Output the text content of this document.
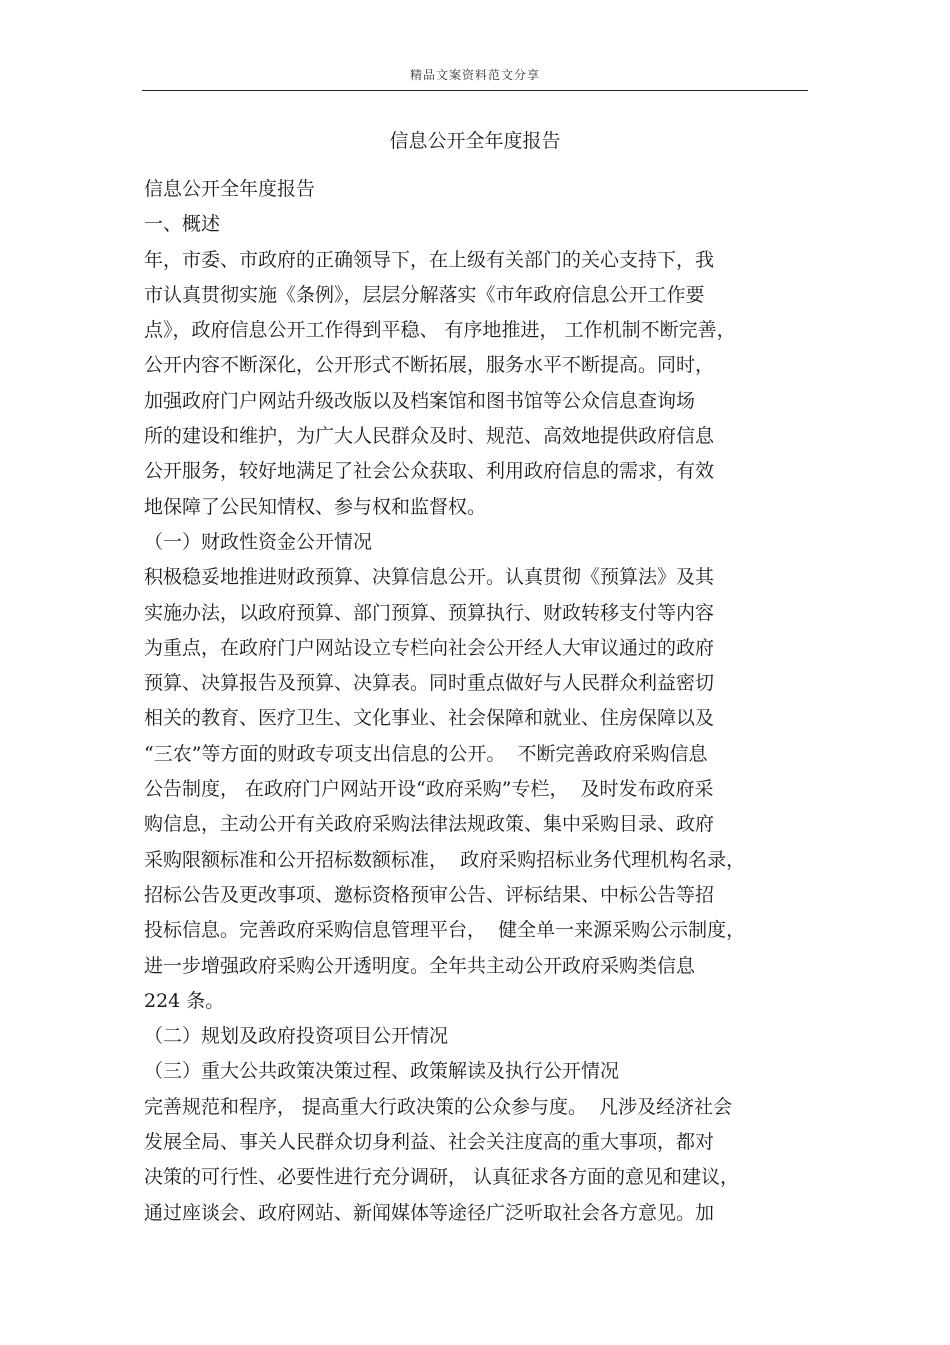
精品文案资料范文分享
信息公开全年度报告
信息公开全年度报告
一、概述
年，市委、市政府的正确领导下，在上级有关部门的关心支持下，我
市认真贯彻实施《条例》，层层分解落实《市年政府信息公开工作要
点》，政府信息公开工作得到平稳、 有序地推进， 工作机制不断完善，
公开内容不断深化，公开形式不断拓展，服务水平不断提高。同时，
加强政府门户网站升级改版以及档案馆和图书馆等公众信息查询场
所的建设和维护，为广大人民群众及时、规范、高效地提供政府信息
公开服务，较好地满足了社会公众获取、利用政府信息的需求，有效
地保障了公民知情权、参与权和监督权。
（一）财政性资金公开情况
积极稳妥地推进财政预算、决算信息公开。认真贯彻《预算法》及其
实施办法，以政府预算、部门预算、预算执行、财政转移支付等内容
为重点，在政府门户网站设立专栏向社会公开经人大审议通过的政府
预算、决算报告及预算、决算表。同时重点做好与人民群众利益密切
相关的教育、医疗卫生、文化事业、社会保障和就业、住房保障以及
“三农”等方面的财政专项支出信息的公开。  不断完善政府采购信息
公告制度， 在政府门户网站开设“政府采购”专栏，  及时发布政府采
购信息，主动公开有关政府采购法律法规政策、集中采购目录、政府
采购限额标准和公开招标数额标准，  政府采购招标业务代理机构名录，
招标公告及更改事项、邀标资格预审公告、评标结果、中标公告等招
投标信息。完善政府采购信息管理平台，  健全单一来源采购公示制度，
进一步增强政府采购公开透明度。全年共主动公开政府采购类信息
224 条。
（二）规划及政府投资项目公开情况
（三）重大公共政策决策过程、政策解读及执行公开情况
完善规范和程序， 提高重大行政决策的公众参与度。  凡涉及经济社会
发展全局、事关人民群众切身利益、社会关注度高的重大事项，都对
决策的可行性、必要性进行充分调研， 认真征求各方面的意见和建议，
通过座谈会、政府网站、新闻媒体等途径广泛听取社会各方意见。加
